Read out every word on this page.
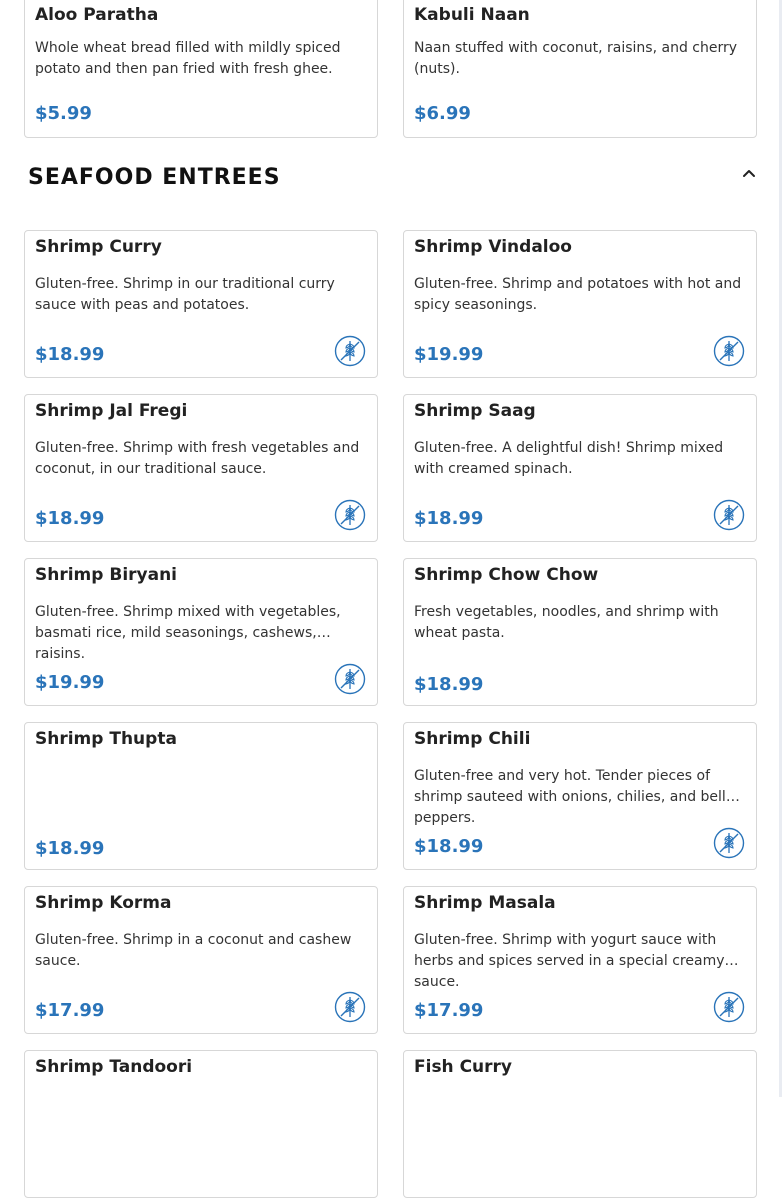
Aloo Paratha
Whole wheat bread filled with mildly spiced potato and then pan fried with fresh ghee.
$5.99
Kabuli Naan
Naan stuffed with coconut, raisins, and cherry (nuts).
$6.99
SEAFOOD ENTREES
Shrimp Curry
Gluten-free. Shrimp in our traditional curry sauce with peas and potatoes.
$18.99
Shrimp Vindaloo
Gluten-free. Shrimp and potatoes with hot and spicy seasonings.
$19.99
Shrimp Jal Fregi
Gluten-free. Shrimp with fresh vegetables and coconut, in our traditional sauce.
$18.99
Shrimp Saag
Gluten-free. A delightful dish! Shrimp mixed with creamed spinach.
$18.99
Shrimp Biryani
Gluten-free. Shrimp mixed with vegetables, basmati rice, mild seasonings, cashews, raisins.
$19.99
Shrimp Chow Chow
Fresh vegetables, noodles, and shrimp with wheat pasta.
$18.99
Shrimp Thupta
$18.99
Shrimp Chili
Gluten-free and very hot. Tender pieces of shrimp sauteed with onions, chilies, and bell peppers.
$18.99
Shrimp Korma
Gluten-free. Shrimp in a coconut and cashew sauce.
$17.99
Shrimp Masala
Gluten-free. Shrimp with yogurt sauce with herbs and spices served in a special creamy sauce.
$17.99
Shrimp Tandoori	Fish Curry
